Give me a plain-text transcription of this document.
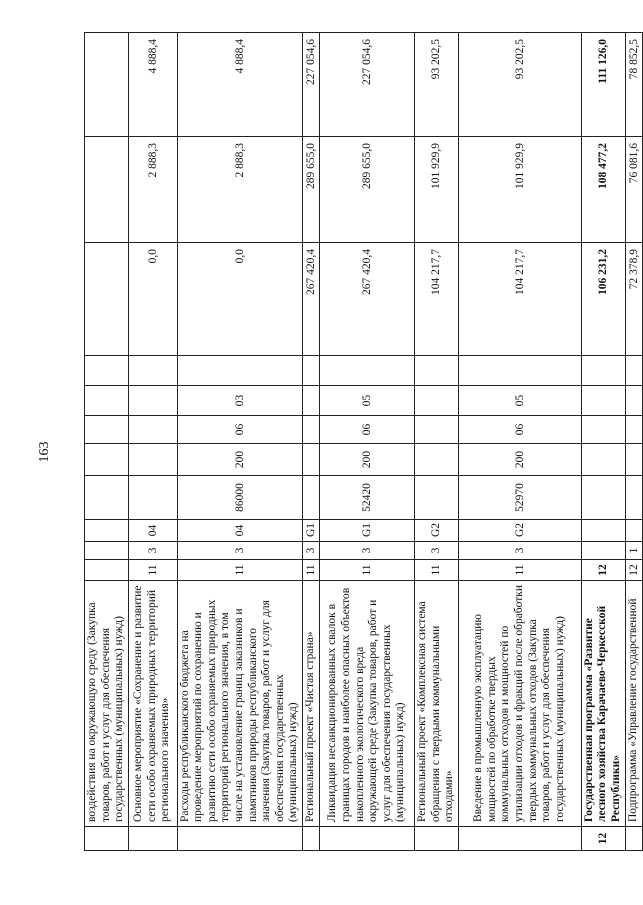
163
	воздействия на окружающую среду (Закупка товаров, работ и услуг для обеспечения государственных (муниципальных) нужд)											
	Основное мероприятие «Сохранение и развитие сети особо охраняемых природных территорий регионального значения»	11	3	04						0,0	2 888,3	4 888,4
	Расходы республиканского бюджета на проведение мероприятий по сохранению и развитию сети особо охраняемых природных территорий регионального значения, в том числе на установление границ заказников и памятников природы республиканского значения (Закупка товаров, работ и услуг для обеспечения государственных (муниципальных) нужд)	11	3	04	86000	200	06	03		0,0	2 888,3	4 888,4
	Региональный проект «Чистая страна»	11	3	G1						267 420,4	289 655,0	227 054,6
	Ликвидация несанкционированных свалок в границах городов и наиболее опасных объектов накопленного экологического вреда окружающей среде (Закупка товаров, работ и услуг для обеспечения государственных (муниципальных) нужд)	11	3	G1	52420	200	06	05		267 420,4	289 655,0	227 054,6
	Региональный проект «Комплексная система обращения с твердыми коммунальными отходами»	11	3	G2						104 217,7	101 929,9	93 202,5
	Введение в промышленную эксплуатацию мощностей по обработке твердых коммунальных отходов и мощностей по утилизации отходов и фракций после обработки твердых коммунальных отходов (Закупка товаров, работ и услуг для обеспечения государственных (муниципальных) нужд)	11	3	G2	52970	200	06	05		104 217,7	101 929,9	93 202,5
12	Государственная программа «Развитие лесного хозяйства Карачаево-Черкесской Республики»	12								106 231,2	108 477,2	111 126,0
	Подпрограмма «Управление государственной	12	1							72 378,9	76 081,6	78 852,5
